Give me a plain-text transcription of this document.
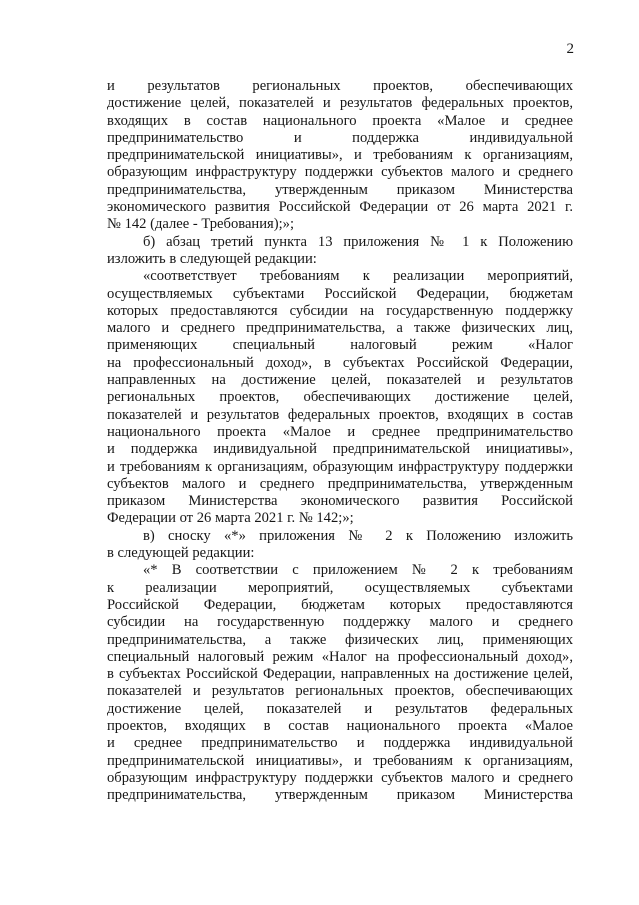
2
и результатов региональных проектов, обеспечивающих
достижение целей, показателей и результатов федеральных проектов,
входящих в состав национального проекта «Малое и среднее
предпринимательство и поддержка индивидуальной
предпринимательской инициативы», и требованиям к организациям,
образующим инфраструктуру поддержки субъектов малого и среднего
предпринимательства, утвержденным приказом Министерства
экономического развития Российской Федерации от 26 марта 2021 г.
№ 142 (далее - Требования);»;
б) абзац третий пункта 13 приложения № 1 к Положению
изложить в следующей редакции:
«соответствует требованиям к реализации мероприятий,
осуществляемых субъектами Российской Федерации, бюджетам
которых предоставляются субсидии на государственную поддержку
малого и среднего предпринимательства, а также физических лиц,
применяющих специальный налоговый режим «Налог
на профессиональный доход», в субъектах Российской Федерации,
направленных на достижение целей, показателей и результатов
региональных проектов, обеспечивающих достижение целей,
показателей и результатов федеральных проектов, входящих в состав
национального проекта «Малое и среднее предпринимательство
и поддержка индивидуальной предпринимательской инициативы»,
и требованиям к организациям, образующим инфраструктуру поддержки
субъектов малого и среднего предпринимательства, утвержденным
приказом Министерства экономического развития Российской
Федерации от 26 марта 2021 г. № 142;»;
в) сноску «*» приложения № 2 к Положению изложить
в следующей редакции:
«* В соответствии с приложением № 2 к требованиям
к реализации мероприятий, осуществляемых субъектами
Российской Федерации, бюджетам которых предоставляются
субсидии на государственную поддержку малого и среднего
предпринимательства, а также физических лиц, применяющих
специальный налоговый режим «Налог на профессиональный доход»,
в субъектах Российской Федерации, направленных на достижение целей,
показателей и результатов региональных проектов, обеспечивающих
достижение целей, показателей и результатов федеральных
проектов, входящих в состав национального проекта «Малое
и среднее предпринимательство и поддержка индивидуальной
предпринимательской инициативы», и требованиям к организациям,
образующим инфраструктуру поддержки субъектов малого и среднего
предпринимательства, утвержденным приказом Министерства
